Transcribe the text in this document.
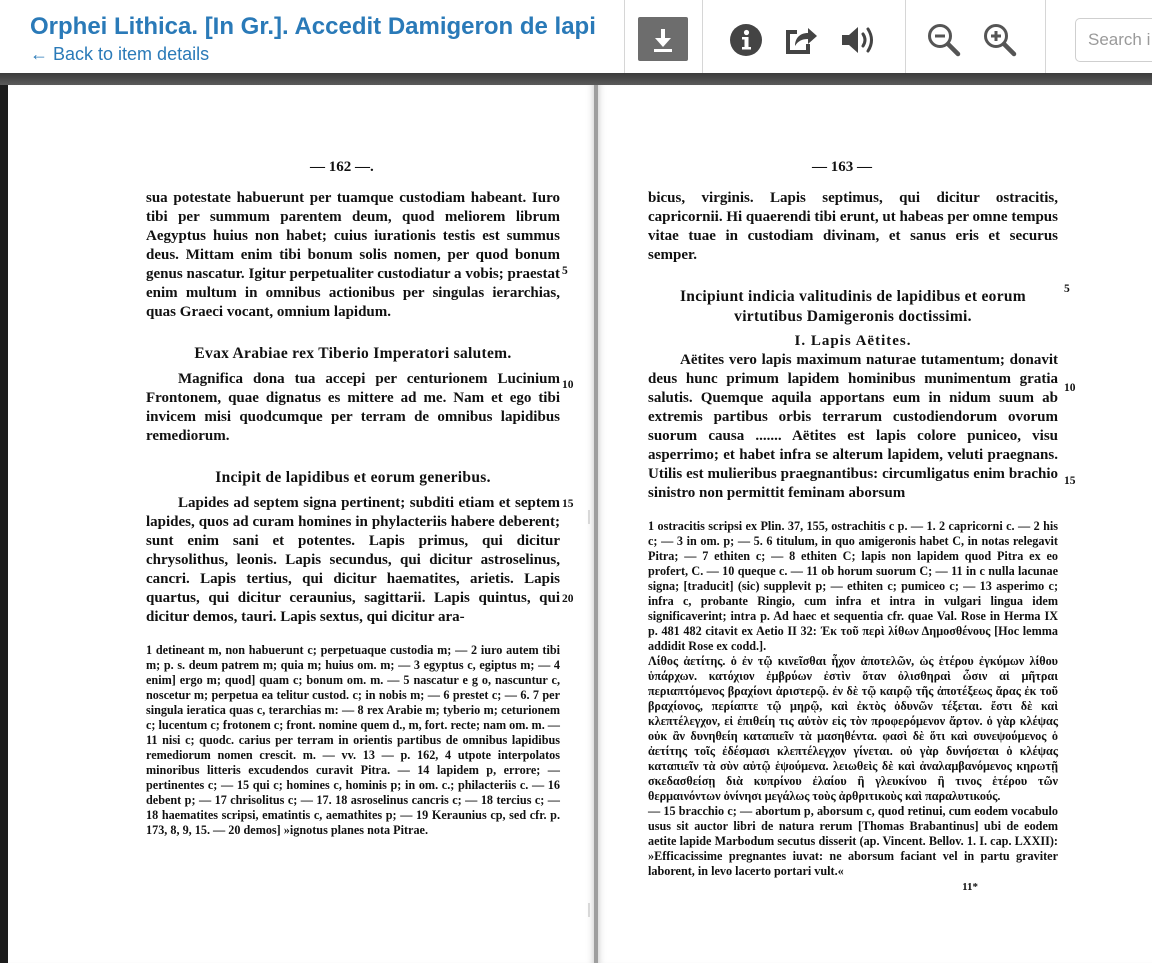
Orphei Lithica. [In Gr.]. Accedit Damigeron de lapi
← Back to item details
Search i
— 162 —.

sua potestate habuerunt per tuamque custodiam habeant. Iuro tibi per summum parentem deum, quod meliorem librum Aegyptus huius non habet; cuius iurationis testis est summus deus. Mittam enim tibi bonum solis nomen, per quod bonum genus nascatur. Igitur perpetualiter custodiatur a vobis; praestat enim multum in omnibus actionibus per singulas ierarchias, quas Graeci vocant, omnium lapidum.

Evax Arabiae rex Tiberio Imperatori salutem.

Magnifica dona tua accepi per centurionem Lucinium Frontonem, quae dignatus es mittere ad me. Nam et ego tibi invicem misi quodcumque per terram de omnibus lapidibus remediorum.

Incipit de lapidibus et eorum generibus.

Lapides ad septem signa pertinent; subditi etiam et septem lapides, quos ad curam homines in phylacteriis habere deberent; sunt enim sani et potentes. Lapis primus, qui dicitur chrysolithus, leonis. Lapis secundus, qui dicitur astroselinus, cancri. Lapis tertius, qui dicitur haematites, arietis. Lapis quartus, qui dicitur ceraunius, sagittarii. Lapis quintus, qui dicitur demos, tauri. Lapis sextus, qui dicitur ara-

1 detineant m, non habuerunt c; perpetuaque custodia m; — 2 iuro autem tibi m; p. s. deum patrem m; quia m; huius om. m; — 3 egyptus c, egiptus m; — 4 enim] ergo m; quod] quam c; bonum om. m. — 5 nascatur e g o, nascuntur c, noscetur m; perpetua ea telitur custod. c; in nobis m; — 6 prestet c; — 6. 7 per singula ieratica quas c, terarchias m: — 8 rex Arabie m; tyberio m; ceturionem c; lucentum c; frotonem c; front. nomine quem d., m, fort. recte; nam om. m. — 11 nisi c; quodc. carius per terram in orientis partibus de omnibus lapidibus remediorum nomen crescit. m. — vv. 13 — p. 162, 4 utpote interpolatos minoribus litteris excudendos curavit Pitra. — 14 lapidem p, errore; — pertinentes c; — 15 qui c; homines c, hominis p; in om. c.; philacteriis c. — 16 debent p; — 17 chrisolitus c; — 17. 18 asroselinus cancris c; — 18 tercius c; — 18 haematites scripsi, ematintis c, aemathites p; — 19 Keraunius cp, sed cfr. p. 173, 8, 9, 15. — 20 demos] »ignotus planes nota Pitrae.

5
10
15
20
— 163 —

bicus, virginis. Lapis septimus, qui dicitur ostracitis, capricornii. Hi quaerendi tibi erunt, ut habeas per omne tempus vitae tuae in custodiam divinam, et sanus eris et securus semper.

Incipiunt indicia valitudinis de lapidibus et eorum virtutibus Damigeronis doctissimi.

I. Lapis Aëtites.

Aëtites vero lapis maximum naturae tutamentum; donavit deus hunc primum lapidem hominibus munimentum gratia salutis. Quemque aquila apportans eum in nidum suum ab extremis partibus orbis terrarum custodiendorum ovorum suorum causa ....... Aëtites est lapis colore puniceo, visu asperrimo; et habet infra se alterum lapidem, veluti praegnans. Utilis est mulieribus praegnantibus: circumligatus enim brachio sinistro non permittit feminam aborsum

1 ostracitis scripsi ex Plin. 37, 155, ostrachitis c p. — 1. 2 capricorni c. — 2 his c; — 3 in om. p; — 5. 6 titulum, in quo amigeronis habet C, in notas relegavit Pitra; — 7 ethiten c; — 8 ethiten C; lapis non lapidem quod Pitra ex eo profert, C. — 10 queque c. — 11 ob horum suorum C; — 11 in c nulla lacunae signa; [traducit] (sic) supplevit p; — ethiten c; pumiceo c; — 13 asperimo c; infra c, probante Ringio, cum infra et intra in vulgari lingua idem significaverint; intra p. Ad haec et sequentia cfr. quae Val. Rose in Herma IX p. 481 482 citavit ex Aetio II 32: Ἐκ τοῦ περὶ λίθων Δημοσθένους [Hoc lemma addidit Rose ex codd.].

Λίθος ἀετίτης. ὁ ἐν τῷ κινεῖσθαι ἦχον ἀποτελῶν, ὡς ἑτέρου ἐγκύμων λίθου ὑπάρχων. κατόχιον ἐμβρύων ἐστὶν ὅταν ὀλισθηραὶ ὦσιν αἱ μῆτραι περιαπτόμενος βραχίονι ἀριστερῷ. ἐν δὲ τῷ καιρῷ τῆς ἀποτέξεως ἄρας ἐκ τοῦ βραχίονος, περίαπτε τῷ μηρῷ, καὶ ἐκτὸς ὀδυνῶν τέξεται. ἔστι δὲ καὶ κλεπτέλεγχον, εἰ ἐπιθείη τις αὐτὸν εἰς τὸν προφερόμενον ἄρτον. ὁ γὰρ κλέψας οὐκ ἂν δυνηθείη καταπιεῖν τὰ μασηθέντα. φασὶ δὲ ὅτι καὶ συνεψούμενος ὁ ἀετίτης τοῖς ἐδέσμασι κλεπτέλεγχον γίνεται. οὐ γὰρ δυνήσεται ὁ κλέψας καταπιεῖν τὰ σὺν αὐτῷ ἑψούμενα. λειωθεὶς δὲ καὶ ἀναλαμβανόμενος κηρωτῇ σκεδασθείσῃ διὰ κυπρίνου ἐλαίου ἢ γλευκίνου ἢ τινος ἑτέρου τῶν θερμαινόντων ὀνίνησι μεγάλως τοὺς ἀρθριτικοὺς καὶ παραλυτικούς.

— 15 bracchio c; — abortum p, aborsum c, quod retinui, cum eodem vocabulo usus sit auctor libri de natura rerum [Thomas Brabantinus] ubi de eodem aetite lapide Marbodum secutus disserit (ap. Vincent. Bellov. 1. I. cap. LXXII): »Efficacissime pregnantes iuvat: ne aborsum faciant vel in partu graviter laborent, in levo lacerto portari vult.«

11*

5
10
15
